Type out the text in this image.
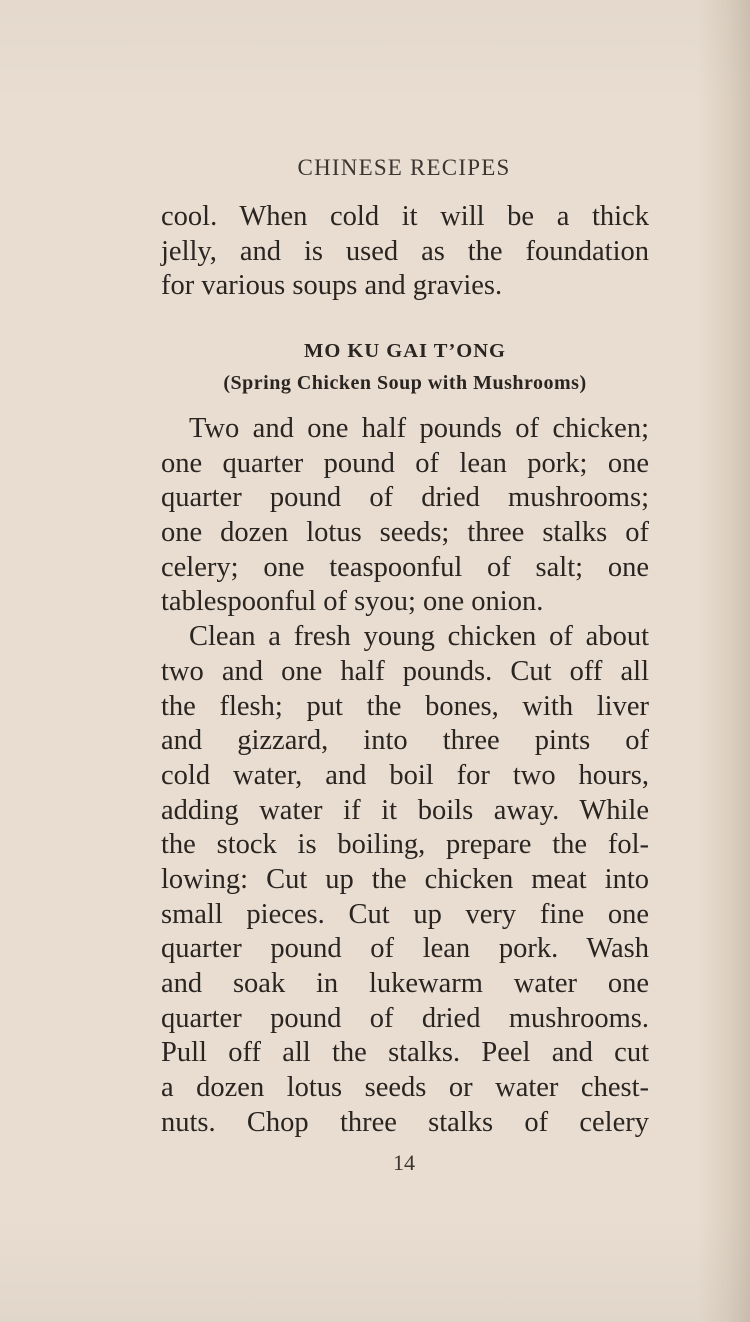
CHINESE RECIPES
cool. When cold it will be a thick
jelly, and is used as the foundation
for various soups and gravies.
MO KU GAI T’ONG
(Spring Chicken Soup with Mushrooms)
Two and one half pounds of chicken;
one quarter pound of lean pork; one
quarter pound of dried mushrooms;
one dozen lotus seeds; three stalks of
celery; one teaspoonful of salt; one
tablespoonful of syou; one onion.
Clean a fresh young chicken of about
two and one half pounds. Cut off all
the flesh; put the bones, with liver
and gizzard, into three pints of
cold water, and boil for two hours,
adding water if it boils away. While
the stock is boiling, prepare the fol-
lowing: Cut up the chicken meat into
small pieces. Cut up very fine one
quarter pound of lean pork. Wash
and soak in lukewarm water one
quarter pound of dried mushrooms.
Pull off all the stalks. Peel and cut
a dozen lotus seeds or water chest-
nuts. Chop three stalks of celery
14
